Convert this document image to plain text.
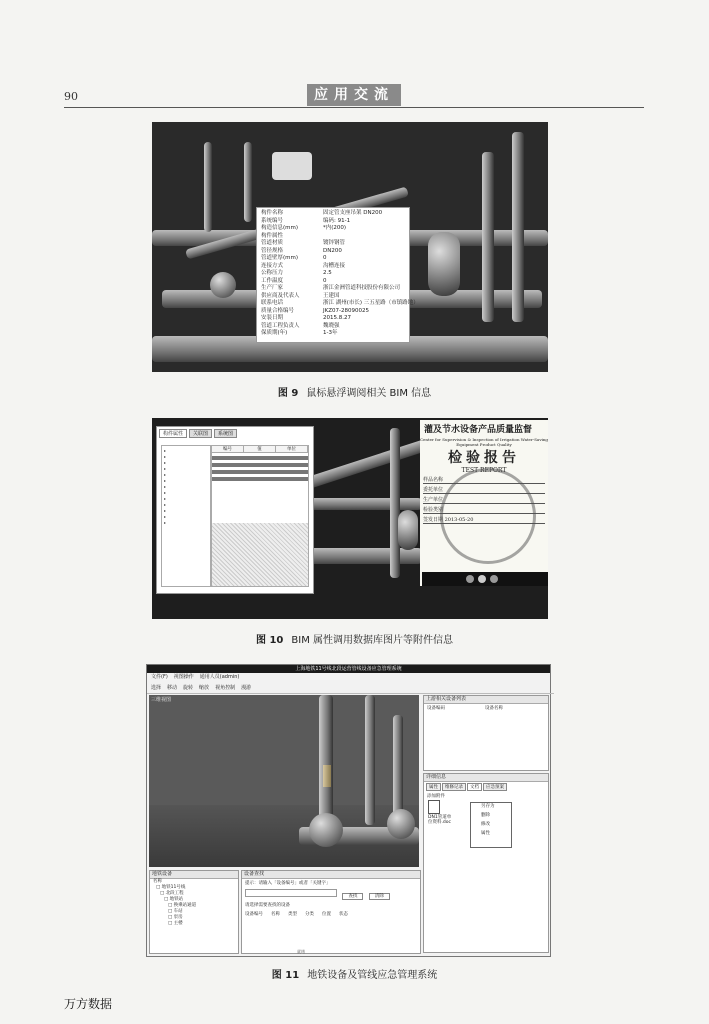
90	应用交流
构件名称	固定管支座吊架 DN200
系统编号	编码: 91-1
构造信息(mm)	*内(200)
构件属性
管道材质	镀锌钢管
管径规格	DN200
管道壁厚(mm)	0
连接方式	沟槽连接
公称压力	2.5
工作温度	0
生产厂家	浙江金洲管道科技股份有限公司
供应商及代表人	王建国
联系电话	浙江 湖州(市长) 三五星路（市镇路地）
质量合格编号	JKZ07-28090025
安装日期	2015.8.27
管道工程负责人	魏晓强
保质期(年)	1-3年
图 9 鼠标悬浮调阅相关 BIM 信息
构件属性	关联图	系统图
▸
▸
▸
▸
▸
▸
▸
▸
▸
▸
▸
▸
▸
编号	值	单位
灌及节水设备产品质量监督
Center for Supervision & Inspection of Irrigation Water-Saving Equipment Product Quality
检验报告
TEST REPORT
样品名称
委托单位
生产单位
检验类别
签发日期 2013-05-20
图 10 BIM 属性调用数据库图片等附件信息
上海地铁11号线北段运营管线设备应急管理系统
文件(F) 视图操作 通用人员(admin)
选择 移动 旋转 缩放 视角控制 漫游
三维视图	上游相关设备列表
设备编码	设备名称
详细信息
属性	维修记录	文档	应急预案
添加附件
DN1管道单位资料.doc
另存为
删除
修改
属性
地铁设备
名称
□ 地铁11号线
□ 北段工程
□ 地铁站
□ 换乘站通道
□ 车站
□ 泵房
□ 主楼
设备查找
提示：请输入「设备编号」或者「关键字」
查找	清除
请选择需要查找的设备
设备编号 名称 类型 分类 位置 状态
就绪
图 11 地铁设备及管线应急管理系统
万方数据
